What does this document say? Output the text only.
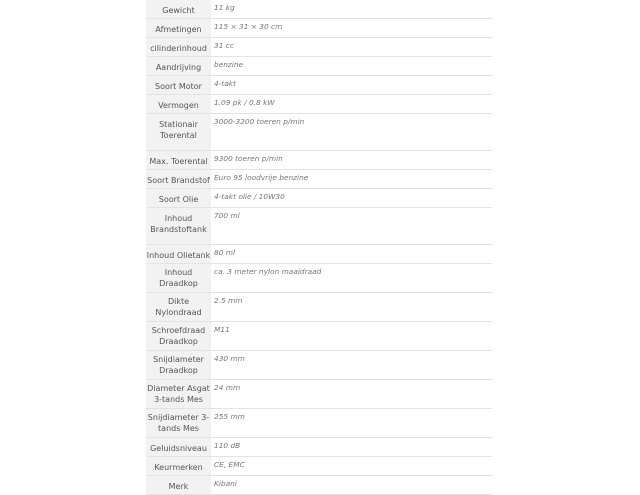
Gewicht	11 kg

Afmetingen	115 × 31 × 30 cm

cilinderinhoud	31 cc

Aandrijving	benzine

Soort Motor	4-takt

Vermogen	1.09 pk / 0.8 kW

Stationair Toerental	3000-3200 toeren p/min

Max. Toerental	9300 toeren p/min

Soort Brandstof	Euro 95 loodvrije benzine

Soort Olie	4-takt olie / 10W30

Inhoud Brandstoftank	700 ml

Inhoud Olietank	80 ml

Inhoud Draadkop	ca. 3 meter nylon maaidraad

Dikte Nylondraad	2.5 mm

Schroefdraad Draadkop	M11

Snijdiameter Draadkop	430 mm

Diameter Asgat 3-tands Mes	24 mm

Snijdiameter 3-tands Mes	255 mm

Geluidsniveau	110 dB

Keurmerken	CE, EMC

Merk	Kibani
